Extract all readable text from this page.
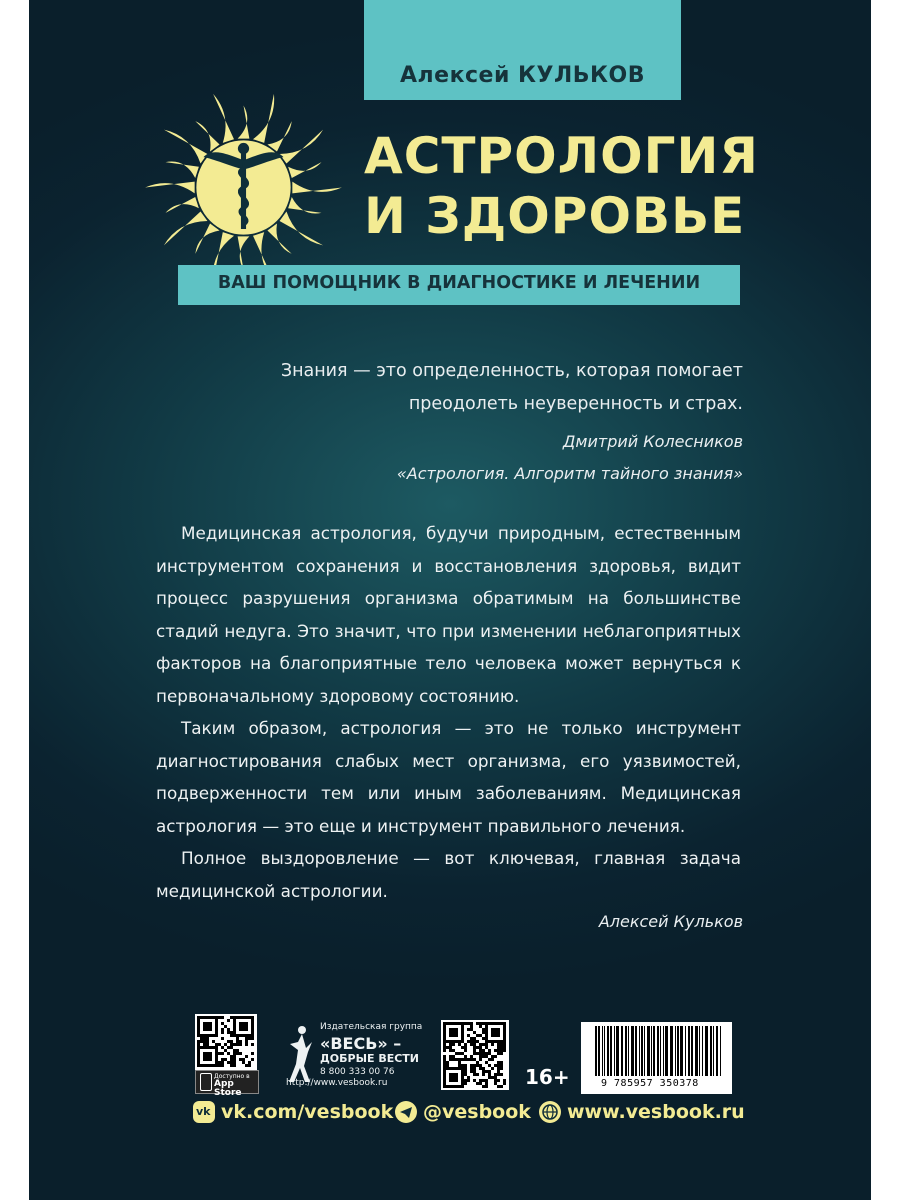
Алексей КУЛЬКОВ
АСТРОЛОГИЯ
И ЗДОРОВЬЕ
ВАШ ПОМОЩНИК В ДИАГНОСТИКЕ И ЛЕЧЕНИИ
Знания — это определенность, которая помогает
преодолеть неуверенность и страх.
Дмитрий Колесников
«Астрология. Алгоритм тайного знания»

Медицинская астрология, будучи природным, естественным инструментом сохранения и восстановления здоровья, видит процесс разрушения организма обратимым на большинстве стадий недуга. Это значит, что при изменении неблагоприятных факторов на благоприятные тело человека может вернуться к первоначальному здоровому состоянию.

Таким образом, астрология — это не только инструмент диагностирования слабых мест организма, его уязвимостей, подверженности тем или иным заболеваниям. Медицинская астрология — это еще и инструмент правильного лечения.

Полное выздоровление — вот ключевая, главная задача медицинской астрологии.

Алексей Кульков
Доступно в
App Store
Издательская группа
«ВЕСЬ» –
ДОБРЫЕ ВЕСТИ
8 800 333 00 76
http://www.vesbook.ru	16+	9 785957 350378
vk vk.com/vesbook @vesbook www.vesbook.ru
